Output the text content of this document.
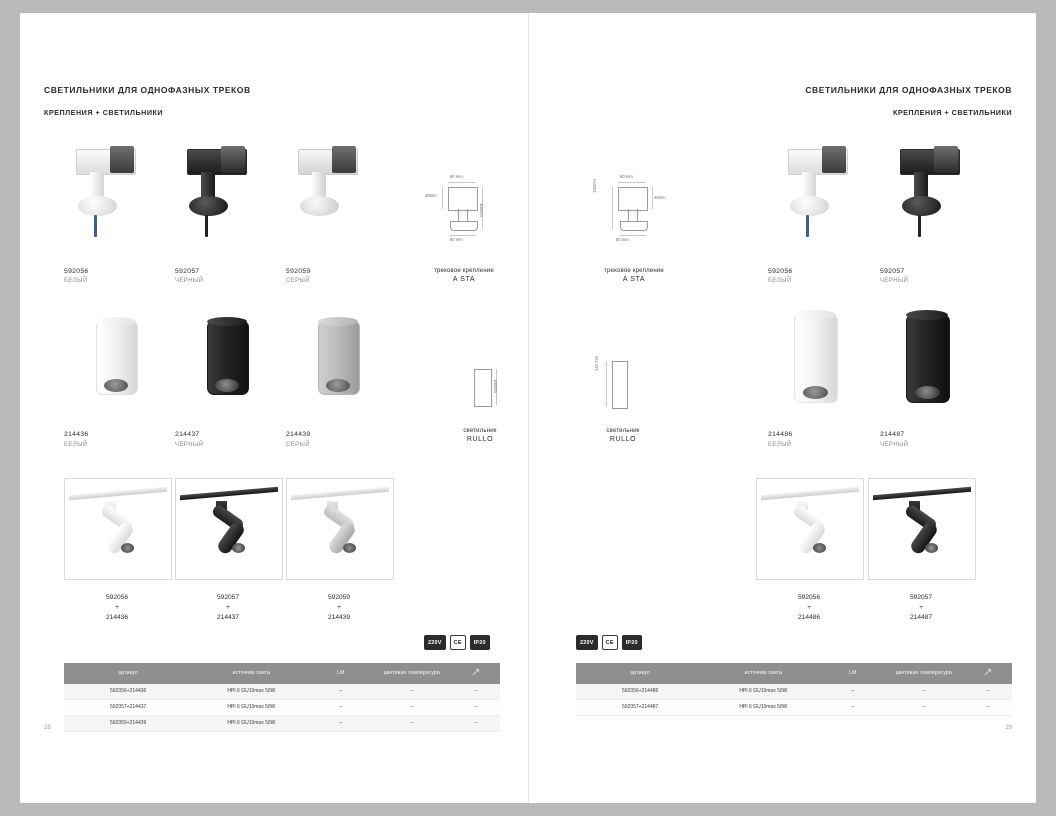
СВЕТИЛЬНИКИ ДЛЯ ОДНОФАЗНЫХ ТРЕКОВ
КРЕПЛЕНИЯ + СВЕТИЛЬНИКИ
592056
БЕЛЫЙ
592057
ЧЕРНЫЙ
592059
СЕРЫЙ
60 mm
40mm
100mm
60 mm
трековое крепление
A STA
214436
БЕЛЫЙ
214437
ЧЕРНЫЙ
214439
СЕРЫЙ
100mm
светильник
RULLO
592056
+
214436
592057
+
214437
592059
+
214439
220V	CE	IP20
артикул	источник света	LM	цветовая температура	
592056+214436	HPI 6 GU10max 50W	–	–	–
592057+214437	HPI 6 GU10max 50W	–	–	–
592059+214439	HPI 6 GU10max 50W	–	–	–
28
СВЕТИЛЬНИКИ ДЛЯ ОДНОФАЗНЫХ ТРЕКОВ
КРЕПЛЕНИЯ + СВЕТИЛЬНИКИ
60 mm
100mm
40mm
60 mm
трековое крепление
A STA
592056
БЕЛЫЙ
592057
ЧЕРНЫЙ
145 mm
светильник
RULLO
214486
БЕЛЫЙ
214487
ЧЕРНЫЙ
592056
+
214486
592057
+
214487
220V	CE	IP20
артикул	источник света	LM	цветовая температура	
592056+214486	HPI 6 GU10max 50W	–	–	–
592057+214487	HPI 6 GU10max 50W	–	–	–
29
